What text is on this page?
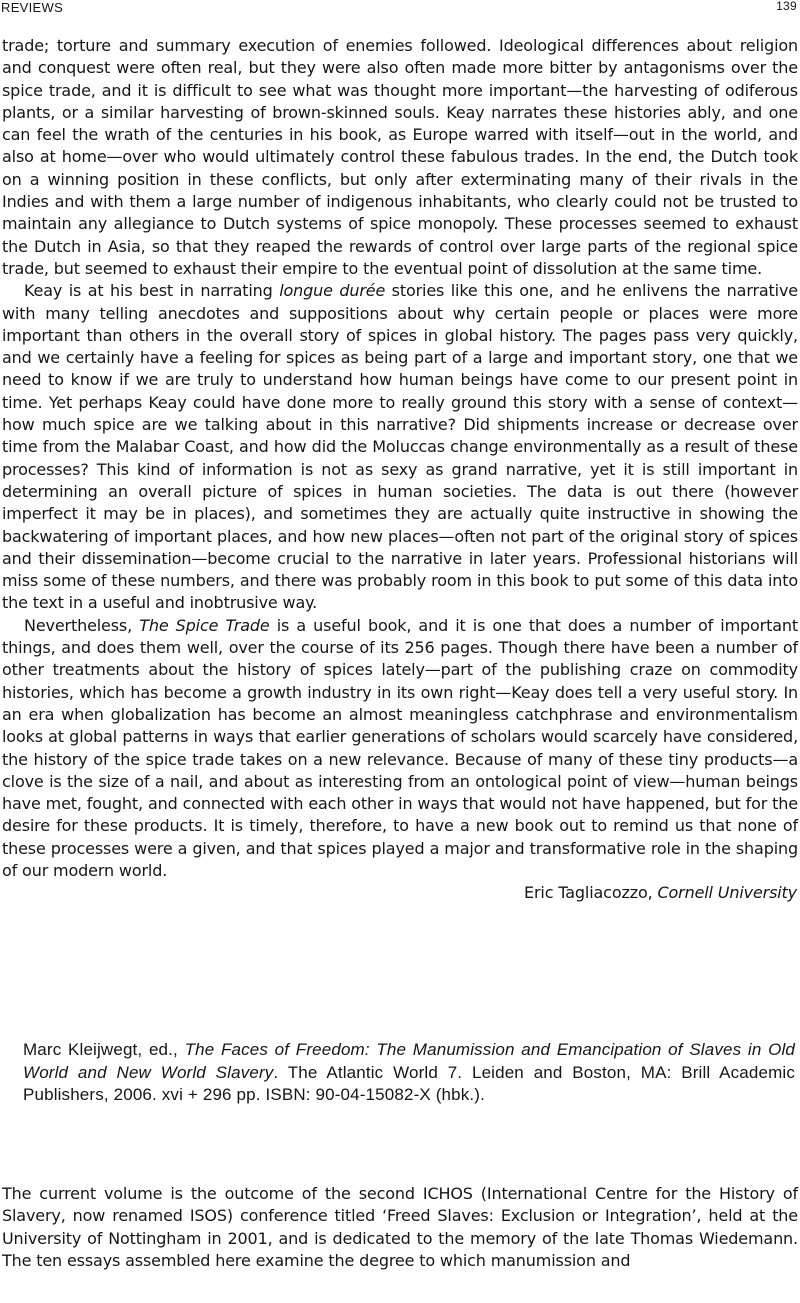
REVIEWS	139

trade; torture and summary execution of enemies followed. Ideological differences about religion and conquest were often real, but they were also often made more bitter by antagonisms over the spice trade, and it is difficult to see what was thought more important—the harvesting of odiferous plants, or a similar harvesting of brown-skinned souls. Keay narrates these histories ably, and one can feel the wrath of the centuries in his book, as Europe warred with itself—out in the world, and also at home—over who would ultimately control these fabulous trades. In the end, the Dutch took on a winning position in these conflicts, but only after exterminating many of their rivals in the Indies and with them a large number of indigenous inhabitants, who clearly could not be trusted to maintain any allegiance to Dutch systems of spice monopoly. These processes seemed to exhaust the Dutch in Asia, so that they reaped the rewards of control over large parts of the regional spice trade, but seemed to exhaust their empire to the eventual point of dissolution at the same time.

Keay is at his best in narrating longue durée stories like this one, and he enlivens the narrative with many telling anecdotes and suppositions about why certain people or places were more important than others in the overall story of spices in global history. The pages pass very quickly, and we certainly have a feeling for spices as being part of a large and important story, one that we need to know if we are truly to understand how human beings have come to our present point in time. Yet perhaps Keay could have done more to really ground this story with a sense of context—how much spice are we talking about in this narrative? Did shipments increase or decrease over time from the Malabar Coast, and how did the Moluccas change environmentally as a result of these processes? This kind of information is not as sexy as grand narrative, yet it is still important in determining an overall picture of spices in human societies. The data is out there (however imperfect it may be in places), and sometimes they are actually quite instructive in showing the backwatering of important places, and how new places—often not part of the original story of spices and their dissemination—become crucial to the narrative in later years. Professional historians will miss some of these numbers, and there was probably room in this book to put some of this data into the text in a useful and inobtrusive way.

Nevertheless, The Spice Trade is a useful book, and it is one that does a number of important things, and does them well, over the course of its 256 pages. Though there have been a number of other treatments about the history of spices lately—part of the publishing craze on commodity histories, which has become a growth industry in its own right—Keay does tell a very useful story. In an era when globalization has become an almost meaningless catchphrase and environmentalism looks at global patterns in ways that earlier generations of scholars would scarcely have considered, the history of the spice trade takes on a new relevance. Because of many of these tiny products—a clove is the size of a nail, and about as interesting from an ontological point of view—human beings have met, fought, and connected with each other in ways that would not have happened, but for the desire for these products. It is timely, therefore, to have a new book out to remind us that none of these processes were a given, and that spices played a major and transformative role in the shaping of our modern world.

Eric Tagliacozzo, Cornell University

Marc Kleijwegt, ed., The Faces of Freedom: The Manumission and Emancipation of Slaves in Old World and New World Slavery. The Atlantic World 7. Leiden and Boston, MA: Brill Academic Publishers, 2006. xvi + 296 pp. ISBN: 90-04-15082-X (hbk.).

The current volume is the outcome of the second ICHOS (International Centre for the History of Slavery, now renamed ISOS) conference titled ‘Freed Slaves: Exclusion or Integration’, held at the University of Nottingham in 2001, and is dedicated to the memory of the late Thomas Wiedemann. The ten essays assembled here examine the degree to which manumission and
